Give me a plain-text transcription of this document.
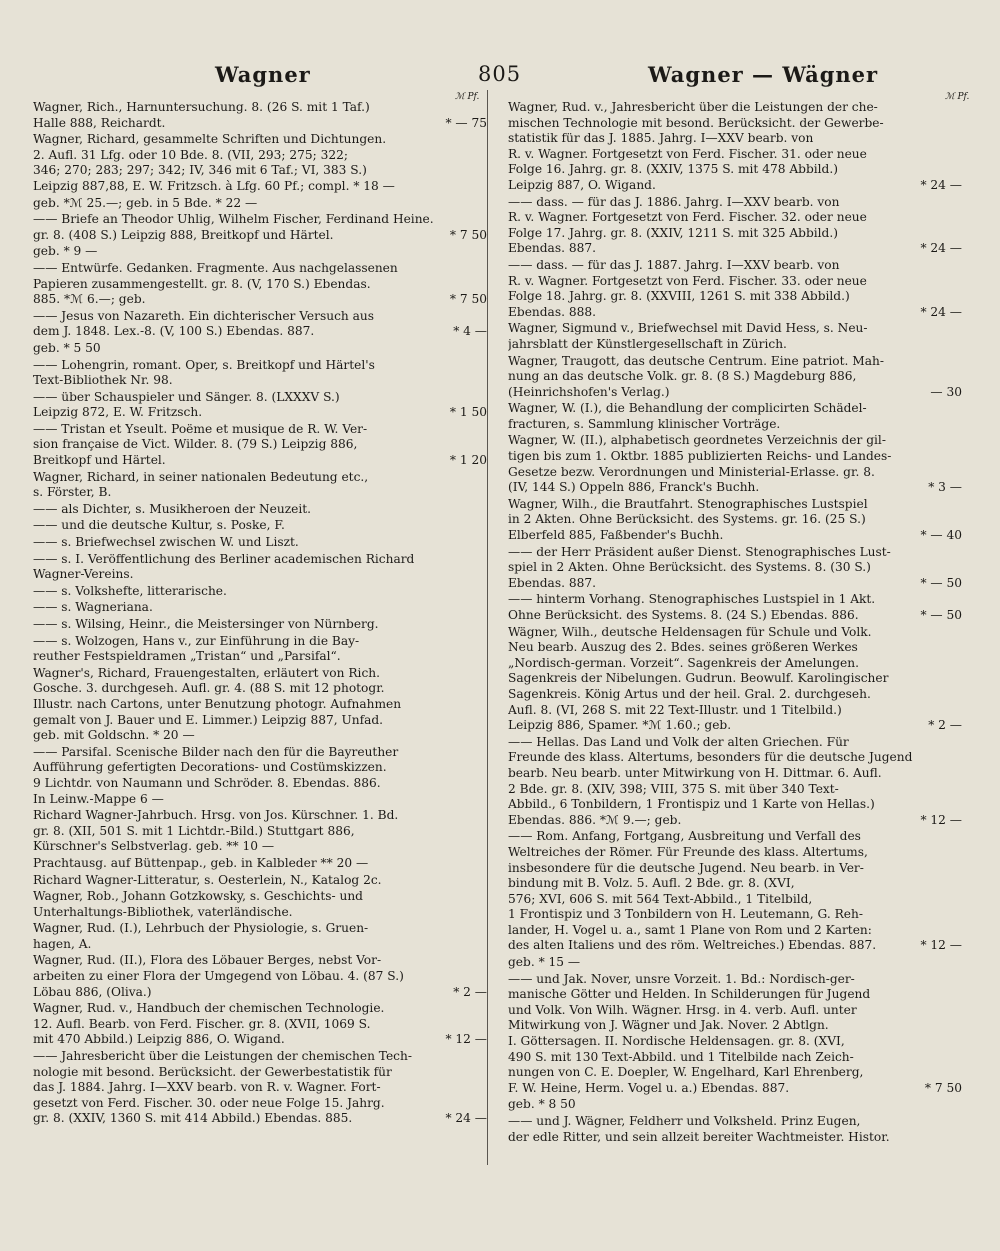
Wagner	805	Wagner — Wägner
ℳ Pf.	ℳ Pf.
Wagner, Rich., Harnuntersuchung. 8. (26 S. mit 1 Taf.)
Halle 888, Reichardt.	* — 75
Wagner, Richard, gesammelte Schriften und Dichtungen.
2. Aufl. 31 Lfg. oder 10 Bde. 8. (VII, 293; 275; 322;
346; 270; 283; 297; 342; IV, 346 mit 6 Taf.; VI, 383 S.)
Leipzig 887,88, E. W. Fritzsch. à Lfg. 60 Pf.; compl. * 18 —
geb. *ℳ 25.—; geb. in 5 Bde. * 22 —
—— Briefe an Theodor Uhlig, Wilhelm Fischer, Ferdinand Heine.
gr. 8. (408 S.) Leipzig 888, Breitkopf und Härtel.	* 7 50
geb. * 9 —
—— Entwürfe. Gedanken. Fragmente. Aus nachgelassenen
Papieren zusammengestellt. gr. 8. (V, 170 S.) Ebendas.
885. *ℳ 6.—; geb.	* 7 50
—— Jesus von Nazareth. Ein dichterischer Versuch aus
dem J. 1848. Lex.-8. (V, 100 S.) Ebendas. 887.	* 4 —
geb. * 5 50
—— Lohengrin, romant. Oper, s. Breitkopf und Härtel's
Text-Bibliothek Nr. 98.
—— über Schauspieler und Sänger. 8. (LXXXV S.)
Leipzig 872, E. W. Fritzsch.	* 1 50
—— Tristan et Yseult. Poëme et musique de R. W. Ver-
sion française de Vict. Wilder. 8. (79 S.) Leipzig 886,
Breitkopf und Härtel.	* 1 20
Wagner, Richard, in seiner nationalen Bedeutung etc.,
s. Förster, B.
—— als Dichter, s. Musikheroen der Neuzeit.
—— und die deutsche Kultur, s. Poske, F.
—— s. Briefwechsel zwischen W. und Liszt.
—— s. I. Veröffentlichung des Berliner academischen Richard
Wagner-Vereins.
—— s. Volkshefte, litterarische.
—— s. Wagneriana.
—— s. Wilsing, Heinr., die Meistersinger von Nürnberg.
—— s. Wolzogen, Hans v., zur Einführung in die Bay-
reuther Festspieldramen „Tristan“ und „Parsifal“.
Wagner's, Richard, Frauengestalten, erläutert von Rich.
Gosche. 3. durchgeseh. Aufl. gr. 4. (88 S. mit 12 photogr.
Illustr. nach Cartons, unter Benutzung photogr. Aufnahmen
gemalt von J. Bauer und E. Limmer.) Leipzig 887, Unfad.
geb. mit Goldschn. * 20 —
—— Parsifal. Scenische Bilder nach den für die Bayreuther
Aufführung gefertigten Decorations- und Costümskizzen.
9 Lichtdr. von Naumann und Schröder. 8. Ebendas. 886.
In Leinw.-Mappe 6 —
Richard Wagner-Jahrbuch. Hrsg. von Jos. Kürschner. 1. Bd.
gr. 8. (XII, 501 S. mit 1 Lichtdr.-Bild.) Stuttgart 886,
Kürschner's Selbstverlag. geb. ** 10 —
Prachtausg. auf Büttenpap., geb. in Kalbleder ** 20 —
Richard Wagner-Litteratur, s. Oesterlein, N., Katalog 2c.
Wagner, Rob., Johann Gotzkowsky, s. Geschichts- und
Unterhaltungs-Bibliothek, vaterländische.
Wagner, Rud. (I.), Lehrbuch der Physiologie, s. Gruen-
hagen, A.
Wagner, Rud. (II.), Flora des Löbauer Berges, nebst Vor-
arbeiten zu einer Flora der Umgegend von Löbau. 4. (87 S.)
Löbau 886, (Oliva.)	* 2 —
Wagner, Rud. v., Handbuch der chemischen Technologie.
12. Aufl. Bearb. von Ferd. Fischer. gr. 8. (XVII, 1069 S.
mit 470 Abbild.) Leipzig 886, O. Wigand.	* 12 —
—— Jahresbericht über die Leistungen der chemischen Tech-
nologie mit besond. Berücksicht. der Gewerbestatistik für
das J. 1884. Jahrg. I—XXV bearb. von R. v. Wagner. Fort-
gesetzt von Ferd. Fischer. 30. oder neue Folge 15. Jahrg.
gr. 8. (XXIV, 1360 S. mit 414 Abbild.) Ebendas. 885.	* 24 —
Wagner, Rud. v., Jahresbericht über die Leistungen der che-
mischen Technologie mit besond. Berücksicht. der Gewerbe-
statistik für das J. 1885. Jahrg. I—XXV bearb. von
R. v. Wagner. Fortgesetzt von Ferd. Fischer. 31. oder neue
Folge 16. Jahrg. gr. 8. (XXIV, 1375 S. mit 478 Abbild.)
Leipzig 887, O. Wigand.	* 24 —
—— dass. — für das J. 1886. Jahrg. I—XXV bearb. von
R. v. Wagner. Fortgesetzt von Ferd. Fischer. 32. oder neue
Folge 17. Jahrg. gr. 8. (XXIV, 1211 S. mit 325 Abbild.)
Ebendas. 887.	* 24 —
—— dass. — für das J. 1887. Jahrg. I—XXV bearb. von
R. v. Wagner. Fortgesetzt von Ferd. Fischer. 33. oder neue
Folge 18. Jahrg. gr. 8. (XXVIII, 1261 S. mit 338 Abbild.)
Ebendas. 888.	* 24 —
Wagner, Sigmund v., Briefwechsel mit David Hess, s. Neu-
jahrsblatt der Künstlergesellschaft in Zürich.
Wagner, Traugott, das deutsche Centrum. Eine patriot. Mah-
nung an das deutsche Volk. gr. 8. (8 S.) Magdeburg 886,
(Heinrichshofen's Verlag.)	— 30
Wagner, W. (I.), die Behandlung der complicirten Schädel-
fracturen, s. Sammlung klinischer Vorträge.
Wagner, W. (II.), alphabetisch geordnetes Verzeichnis der gil-
tigen bis zum 1. Oktbr. 1885 publizierten Reichs- und Landes-
Gesetze bezw. Verordnungen und Ministerial-Erlasse. gr. 8.
(IV, 144 S.) Oppeln 886, Franck's Buchh.	* 3 —
Wagner, Wilh., die Brautfahrt. Stenographisches Lustspiel
in 2 Akten. Ohne Berücksicht. des Systems. gr. 16. (25 S.)
Elberfeld 885, Faßbender's Buchh.	* — 40
—— der Herr Präsident außer Dienst. Stenographisches Lust-
spiel in 2 Akten. Ohne Berücksicht. des Systems. 8. (30 S.)
Ebendas. 887.	* — 50
—— hinterm Vorhang. Stenographisches Lustspiel in 1 Akt.
Ohne Berücksicht. des Systems. 8. (24 S.) Ebendas. 886.	* — 50
Wägner, Wilh., deutsche Heldensagen für Schule und Volk.
Neu bearb. Auszug des 2. Bdes. seines größeren Werkes
„Nordisch-german. Vorzeit“. Sagenkreis der Amelungen.
Sagenkreis der Nibelungen. Gudrun. Beowulf. Karolingischer
Sagenkreis. König Artus und der heil. Gral. 2. durchgeseh.
Aufl. 8. (VI, 268 S. mit 22 Text-Illustr. und 1 Titelbild.)
Leipzig 886, Spamer. *ℳ 1.60.; geb.	* 2 —
—— Hellas. Das Land und Volk der alten Griechen. Für
Freunde des klass. Altertums, besonders für die deutsche Jugend
bearb. Neu bearb. unter Mitwirkung von H. Dittmar. 6. Aufl.
2 Bde. gr. 8. (XIV, 398; VIII, 375 S. mit über 340 Text-
Abbild., 6 Tonbildern, 1 Frontispiz und 1 Karte von Hellas.)
Ebendas. 886. *ℳ 9.—; geb.	* 12 —
—— Rom. Anfang, Fortgang, Ausbreitung und Verfall des
Weltreiches der Römer. Für Freunde des klass. Altertums,
insbesondere für die deutsche Jugend. Neu bearb. in Ver-
bindung mit B. Volz. 5. Aufl. 2 Bde. gr. 8. (XVI,
576; XVI, 606 S. mit 564 Text-Abbild., 1 Titelbild,
1 Frontispiz und 3 Tonbildern von H. Leutemann, G. Reh-
lander, H. Vogel u. a., samt 1 Plane von Rom und 2 Karten:
des alten Italiens und des röm. Weltreiches.) Ebendas. 887.	* 12 —
geb. * 15 —
—— und Jak. Nover, unsre Vorzeit. 1. Bd.: Nordisch-ger-
manische Götter und Helden. In Schilderungen für Jugend
und Volk. Von Wilh. Wägner. Hrsg. in 4. verb. Aufl. unter
Mitwirkung von J. Wägner und Jak. Nover. 2 Abtlgn.
I. Göttersagen. II. Nordische Heldensagen. gr. 8. (XVI,
490 S. mit 130 Text-Abbild. und 1 Titelbilde nach Zeich-
nungen von C. E. Doepler, W. Engelhard, Karl Ehrenberg,
F. W. Heine, Herm. Vogel u. a.) Ebendas. 887.	* 7 50
geb. * 8 50
—— und J. Wägner, Feldherr und Volksheld. Prinz Eugen,
der edle Ritter, und sein allzeit bereiter Wachtmeister. Histor.
